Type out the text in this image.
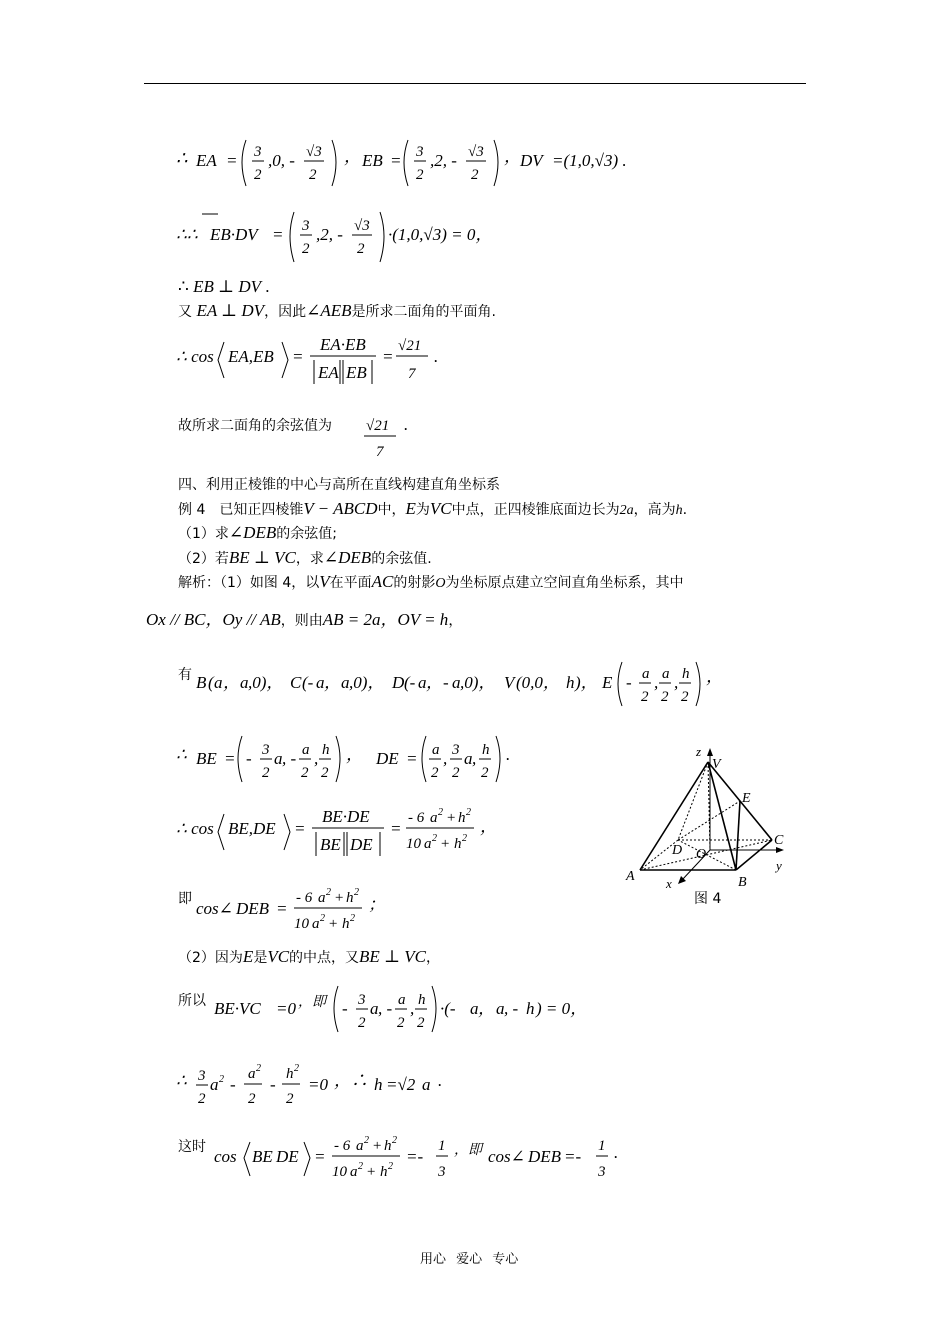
∴ EA = 3
2
,0, - √3
2
， EB = 3
2
,2, - √3
2
， DV =(1,0,√3) .
∴∴ EB·DV = 3
2
,2, - √3
2
·(1,0,√3) = 0，
∴ EB ⊥ DV .
又 EA ⊥ DV，因此∠AEB是所求二面角的平面角.
∴ cos EA,EB =
EA·EB
EA EB
=
√21
7
.
故所求二面角的余弦值为 √21
7
.
四、利用正棱锥的中心与高所在直线构建直角坐标系
例 4　已知正四棱锥V − ABCD中，E为VC中点，正四棱锥底面边长为2a，高为h.
（1）求∠DEB的余弦值;
（2）若BE ⊥ VC，求∠DEB的余弦值.
解析：（1）如图 4，以V在平面AC的射影O为坐标原点建立空间直角坐标系，其中
Ox // BC，Oy // AB，则由AB = 2a，OV = h，
有 B ( a ， a ,0)， C (- a ， a ,0)， D (- a ，- a ,0)， V (0,0， h )， E - a
2
, a
2
, h
2
，
∴ BE = - 3
2
a , - a
2
, h
2
， DE = a
2
, 3
2
a , h
2
.
∴ cos BE,DE =
BE·DE
BE DE
=
- 6 a 2 + h 2
10 a 2 + h 2
，
即 cos∠ DEB =
- 6 a 2 + h 2
10 a 2 + h 2
；
（2）因为E是VC的中点，又BE ⊥ VC，
所以 BE·VC =0 ，即 - 3
2
a , - a
2
, h
2
·(- a ， a , - h ) = 0，
∴ 3
2
a 2 -
a 2
2
-
h 2
2
=0 ，∴ h =√2 a .
这时 cos BE DE =
- 6 a 2 + h 2
10 a 2 + h 2
=-
1
3
，即 cos∠ DEB =-
1
3
.
z
V
E
C
D O
A	B
x
y
图 4
用心 爱心 专心
